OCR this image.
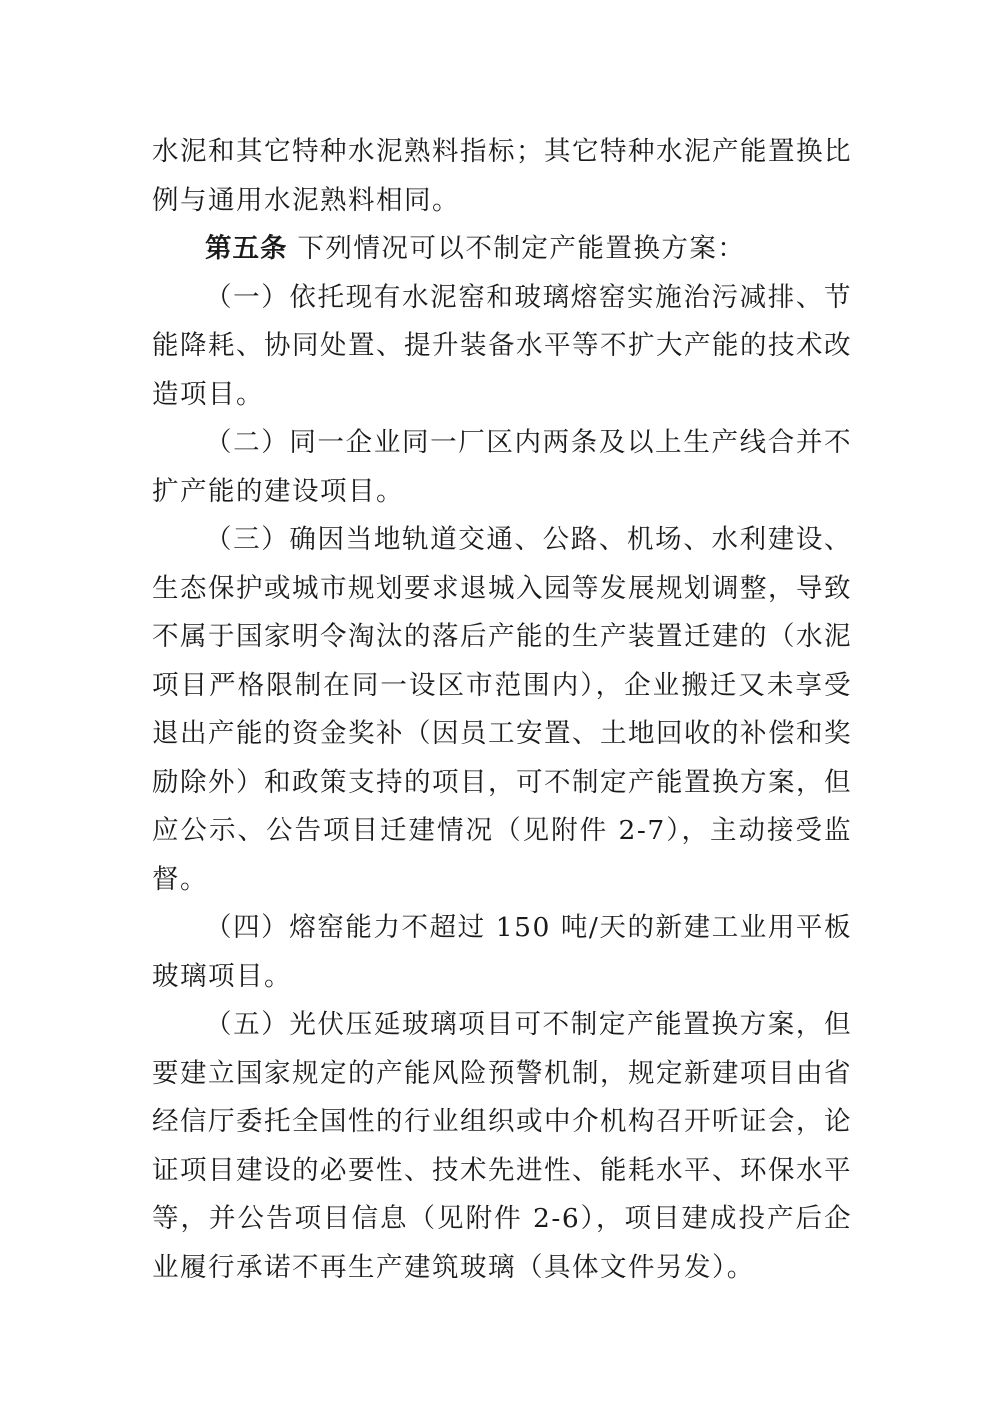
水泥和其它特种水泥熟料指标；其它特种水泥产能置换比例与通用水泥熟料相同。

第五条 下列情况可以不制定产能置换方案：

（一）依托现有水泥窑和玻璃熔窑实施治污减排、节能降耗、协同处置、提升装备水平等不扩大产能的技术改造项目。

（二）同一企业同一厂区内两条及以上生产线合并不扩产能的建设项目。

（三）确因当地轨道交通、公路、机场、水利建设、生态保护或城市规划要求退城入园等发展规划调整，导致不属于国家明令淘汰的落后产能的生产装置迁建的（水泥项目严格限制在同一设区市范围内），企业搬迁又未享受退出产能的资金奖补（因员工安置、土地回收的补偿和奖励除外）和政策支持的项目，可不制定产能置换方案，但应公示、公告项目迁建情况（见附件 2-7），主动接受监督。

（四）熔窑能力不超过 150 吨/天的新建工业用平板玻璃项目。

（五）光伏压延玻璃项目可不制定产能置换方案，但要建立国家规定的产能风险预警机制，规定新建项目由省经信厅委托全国性的行业组织或中介机构召开听证会，论证项目建设的必要性、技术先进性、能耗水平、环保水平等，并公告项目信息（见附件 2-6），项目建成投产后企业履行承诺不再生产建筑玻璃（具体文件另发）。
